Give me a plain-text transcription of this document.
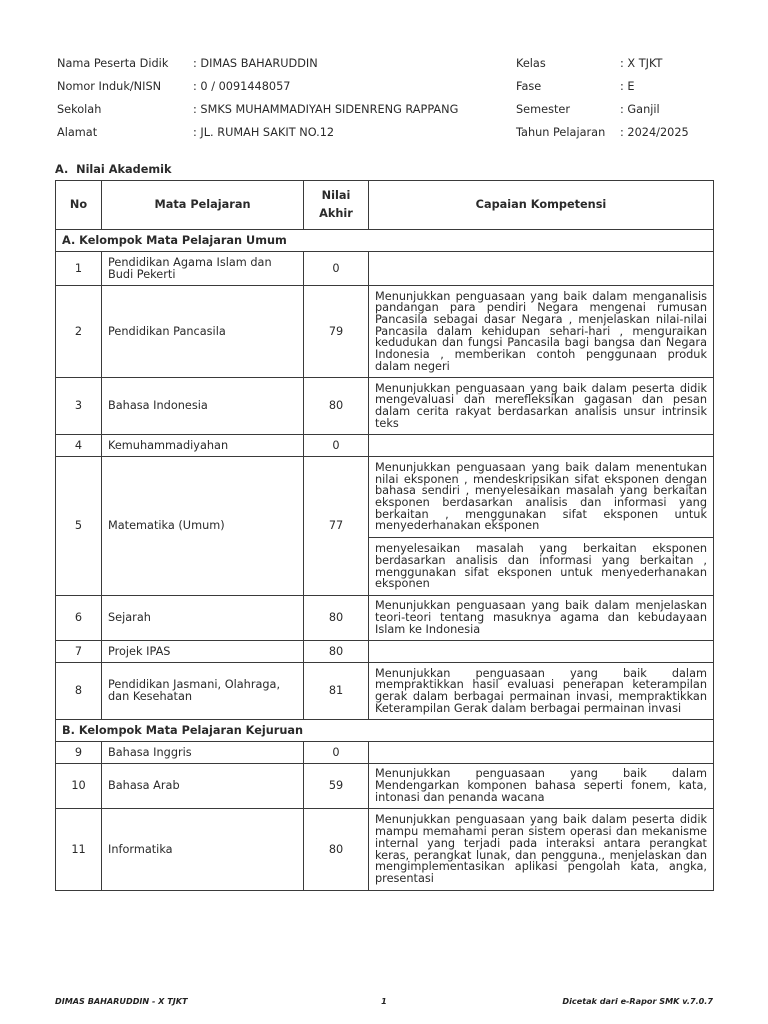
Nama Peserta Didik	: DIMAS BAHARUDDIN	Kelas	: X TJKT
Nomor Induk/NISN	: 0 / 0091448057	Fase	: E
Sekolah	: SMKS MUHAMMADIYAH SIDENRENG RAPPANG	Semester	: Ganjil
Alamat	: JL. RUMAH SAKIT NO.12	Tahun Pelajaran	: 2024/2025
A.  Nilai Akademik
No	Mata Pelajaran	Nilai Akhir	Capaian Kompetensi
A. Kelompok Mata Pelajaran Umum			
1	Pendidikan Agama Islam dan Budi Pekerti	0	
2	Pendidikan Pancasila	79	Menunjukkan penguasaan yang baik dalam menganalisis pandangan para pendiri Negara mengenai rumusan Pancasila sebagai dasar Negara , menjelaskan nilai-nilai Pancasila dalam kehidupan sehari-hari , menguraikan kedudukan dan fungsi Pancasila bagi bangsa dan Negara Indonesia , memberikan contoh penggunaan produk dalam negeri
3	Bahasa Indonesia	80	Menunjukkan penguasaan yang baik dalam peserta didik mengevaluasi dan merefleksikan gagasan dan pesan dalam cerita rakyat berdasarkan analisis unsur intrinsik teks
4	Kemuhammadiyahan	0	
5	Matematika (Umum)	77	Menunjukkan penguasaan yang baik dalam menentukan nilai eksponen , mendeskripsikan sifat eksponen dengan bahasa sendiri , menyelesaikan masalah yang berkaitan eksponen berdasarkan analisis dan informasi yang berkaitan , menggunakan sifat eksponen untuk menyederhanakan eksponen
			menyelesaikan masalah yang berkaitan eksponen berdasarkan analisis dan informasi yang berkaitan , menggunakan sifat eksponen untuk menyederhanakan eksponen
6	Sejarah	80	Menunjukkan penguasaan yang baik dalam menjelaskan teori-teori tentang masuknya agama dan kebudayaan Islam ke Indonesia
7	Projek IPAS	80	
8	Pendidikan Jasmani, Olahraga, dan Kesehatan	81	Menunjukkan penguasaan yang baik dalam mempraktikkan hasil evaluasi penerapan keterampilan gerak dalam berbagai permainan invasi, mempraktikkan Keterampilan Gerak dalam berbagai permainan invasi
B. Kelompok Mata Pelajaran Kejuruan			
9	Bahasa Inggris	0	
10	Bahasa Arab	59	Menunjukkan penguasaan yang baik dalam Mendengarkan komponen bahasa seperti fonem, kata, intonasi dan penanda wacana
11	Informatika	80	Menunjukkan penguasaan yang baik dalam peserta didik mampu memahami peran sistem operasi dan mekanisme internal yang terjadi pada interaksi antara perangkat keras, perangkat lunak, dan pengguna., menjelaskan dan mengimplementasikan aplikasi pengolah kata, angka, presentasi
DIMAS BAHARUDDIN - X TJKT	1	Dicetak dari e-Rapor SMK v.7.0.7
